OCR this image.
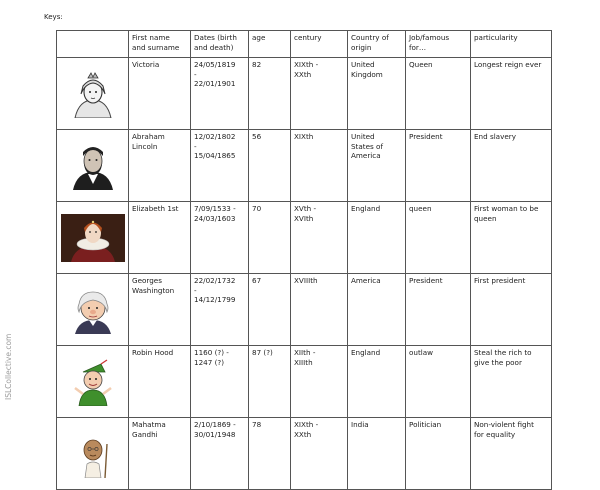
Keys:
ISLCollective.com
	First name
and surname	Dates (birth
and death)	age	century	Country of
origin	Job/famous
for…	particularity

	Victoria	24/05/1819
-
22/01/1901	82	XIXth -
XXth	United
Kingdom	Queen	Longest reign ever

	Abraham
Lincoln	12/02/1802
-
15/04/1865	56	XIXth	United
States of
America	President	End slavery

	Elizabeth 1st	7/09/1533 -
24/03/1603	70	XVth -
XVIth	England	queen	First woman to be
queen

	Georges
Washington	22/02/1732
-
14/12/1799	67	XVIIIth	America	President	First president

	Robin Hood	1160 (?) -
1247 (?)	87 (?)	XIIth -
XIIIth	England	outlaw	Steal the rich to
give the poor

	Mahatma
Gandhi	2/10/1869 -
30/01/1948	78	XIXth -
XXth	India	Politician	Non-violent fight
for equality
